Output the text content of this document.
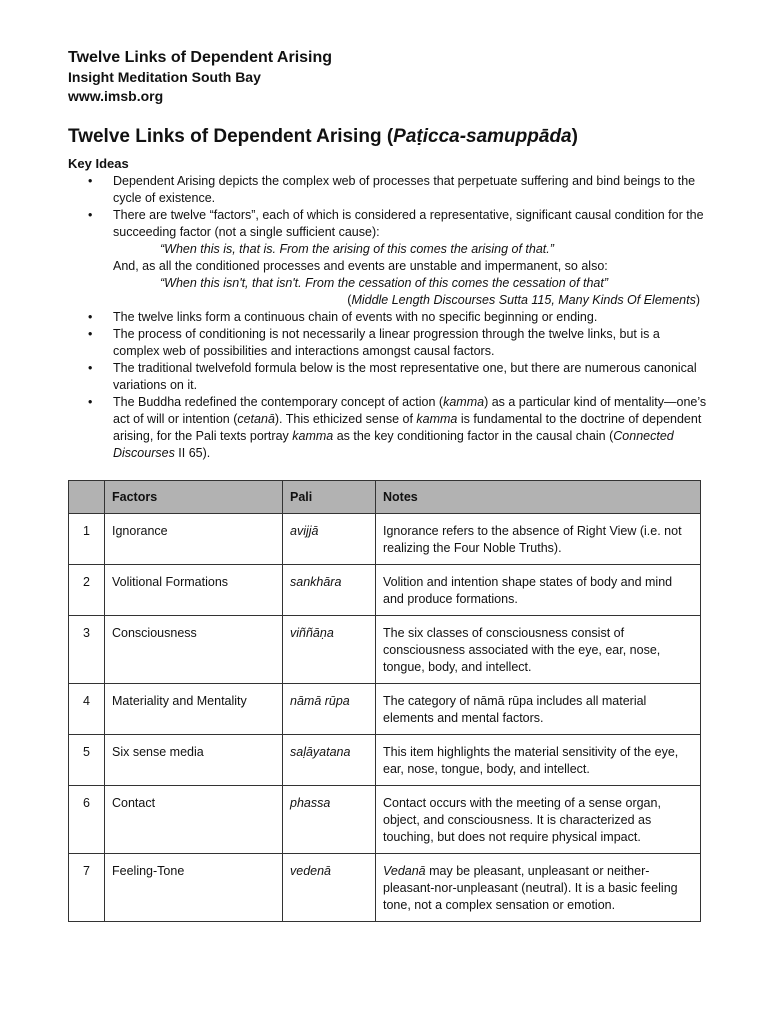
Twelve Links of Dependent Arising
Insight Meditation South Bay
www.imsb.org
Twelve Links of Dependent Arising (Paṭicca-samuppāda)
Key Ideas
• Dependent Arising depicts the complex web of processes that perpetuate suffering and bind beings to the cycle of existence.
• There are twelve “factors”, each of which is considered a representative, significant causal condition for the succeeding factor (not a single sufficient cause):

“When this is, that is. From the arising of this comes the arising of that.”

And, as all the conditioned processes and events are unstable and impermanent, so also:

“When this isn't, that isn't. From the cessation of this comes the cessation of that”
(Middle Length Discourses Sutta 115, Many Kinds Of Elements)
• The twelve links form a continuous chain of events with no specific beginning or ending.
• The process of conditioning is not necessarily a linear progression through the twelve links, but is a complex web of possibilities and interactions amongst causal factors.
• The traditional twelvefold formula below is the most representative one, but there are numerous canonical variations on it.
• The Buddha redefined the contemporary concept of action (kamma) as a particular kind of mentality—one’s act of will or intention (cetanā). This ethicized sense of kamma is fundamental to the doctrine of dependent arising, for the Pali texts portray kamma as the key conditioning factor in the causal chain (Connected Discourses II 65).
	Factors	Pali	Notes
1	Ignorance	avijjā	Ignorance refers to the absence of Right View (i.e. not realizing the Four Noble Truths).
2	Volitional Formations	sankhāra	Volition and intention shape states of body and mind and produce formations.
3	Consciousness	viññāṇa	The six classes of consciousness consist of consciousness associated with the eye, ear, nose, tongue, body, and intellect.
4	Materiality and Mentality	nāmā rūpa	The category of nāmā rūpa includes all material elements and mental factors.
5	Six sense media	saḷāyatana	This item highlights the material sensitivity of the eye, ear, nose, tongue, body, and intellect.
6	Contact	phassa	Contact occurs with the meeting of a sense organ, object, and consciousness. It is characterized as touching, but does not require physical impact.
7	Feeling-Tone	vedenā	Vedanā may be pleasant, unpleasant or neither-pleasant-nor-unpleasant (neutral). It is a basic feeling tone, not a complex sensation or emotion.
